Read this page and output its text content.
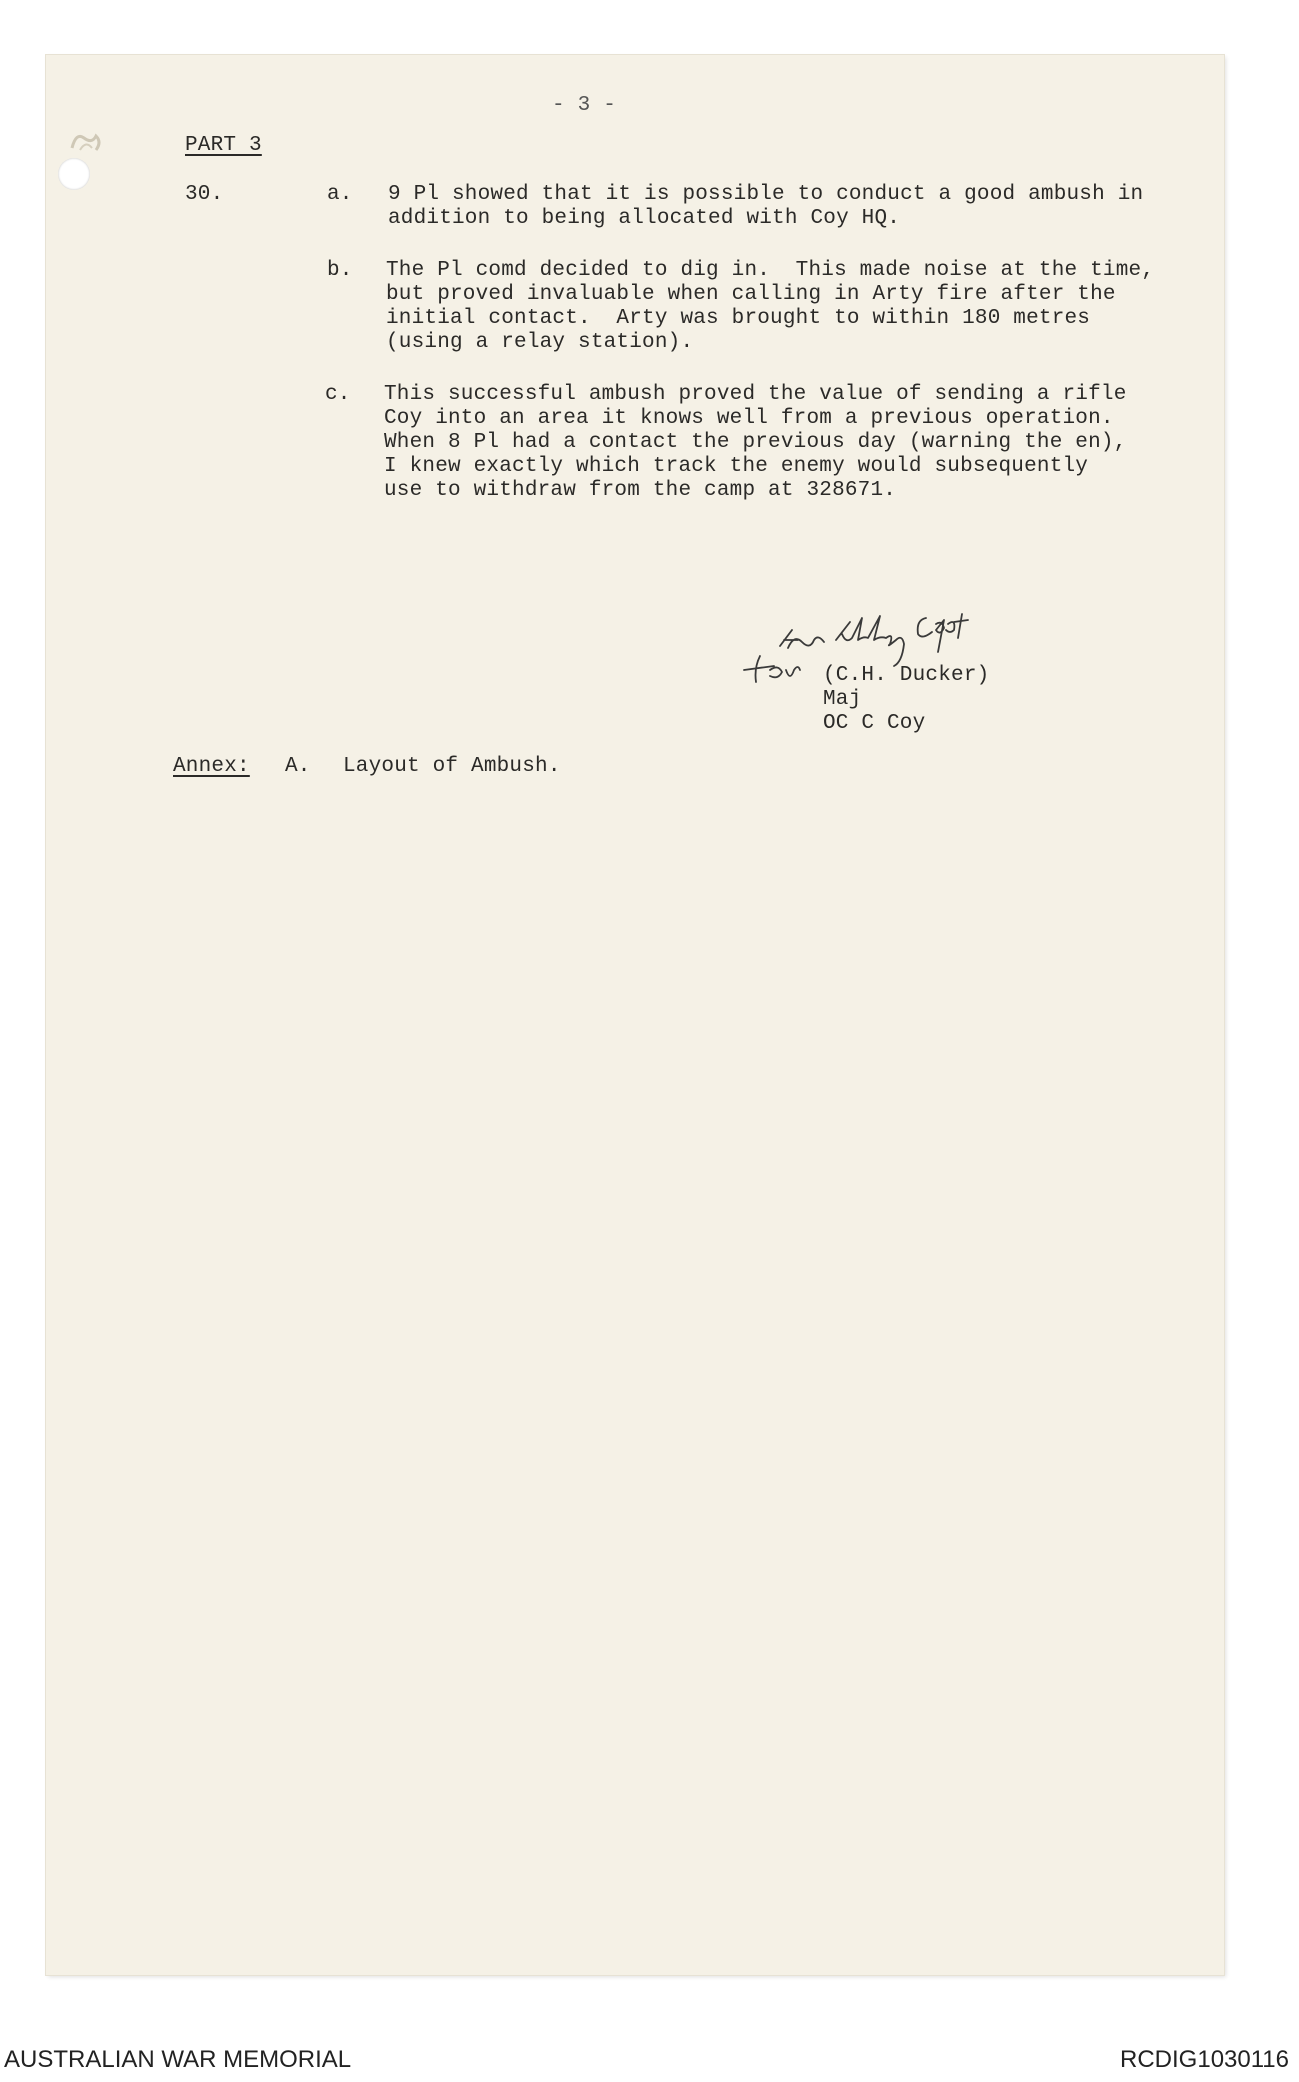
- 3 -
PART 3
30.	a. 9 Pl showed that it is possible to conduct a good ambush in
addition to being allocated with Coy HQ.
b. The Pl comd decided to dig in.  This made noise at the time,
but proved invaluable when calling in Arty fire after the
initial contact.  Arty was brought to within 180 metres
(using a relay station).
c. This successful ambush proved the value of sending a rifle
Coy into an area it knows well from a previous operation.
When 8 Pl had a contact the previous day (warning the en),
I knew exactly which track the enemy would subsequently
use to withdraw from the camp at 328671.
(C.H. Ducker)
Maj
OC C Coy
Annex: A. Layout of Ambush.
AUSTRALIAN WAR MEMORIAL	RCDIG1030116
